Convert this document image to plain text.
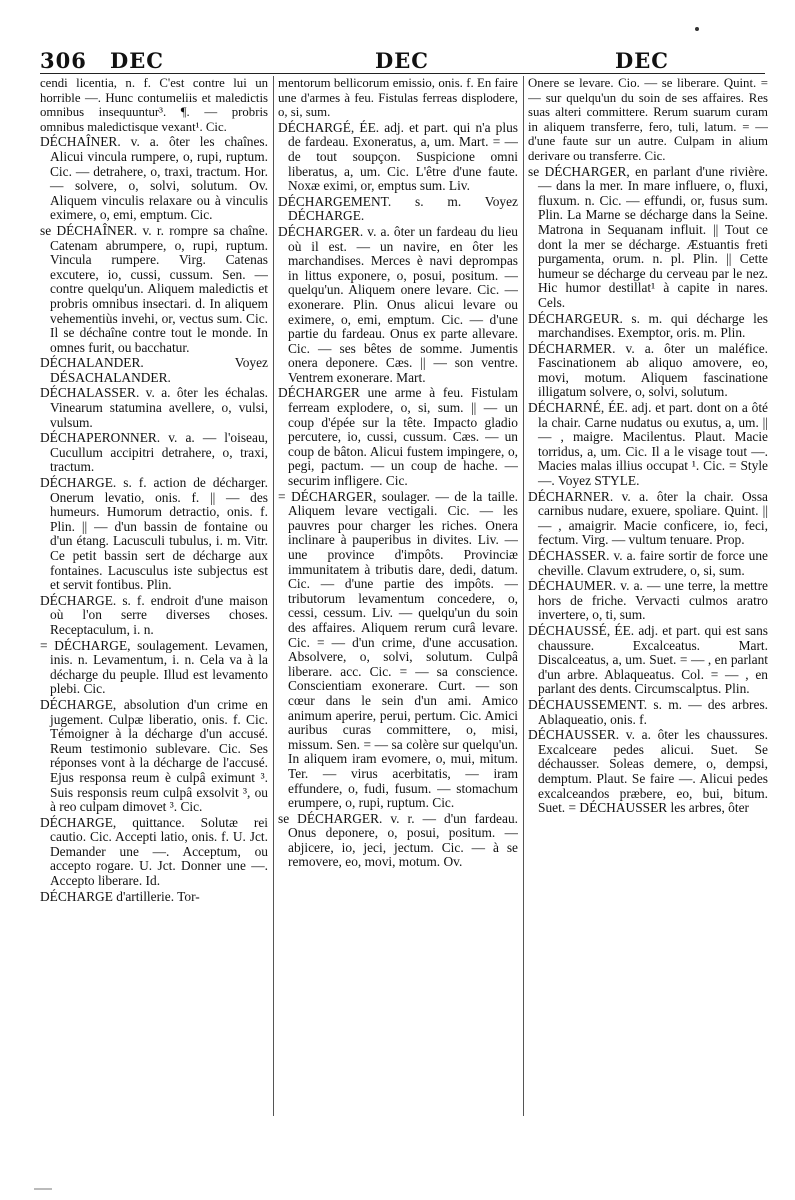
306 DEC	DEC	DEC
cendi licentia, n. f. C'est contre lui un horrible —. Hunc contumeliis et maledictis omnibus insequuntur³. ¶. — probris omnibus maledictisque vexant¹. Cic.
DÉCHAÎNER. v. a. ôter les chaînes. Alicui vincula rumpere, o, rupi, ruptum. Cic. — detrahere, o, traxi, tractum. Hor. — solvere, o, solvi, solutum. Ov. Aliquem vinculis relaxare ou à vinculis eximere, o, emi, emptum. Cic.
se DÉCHAÎNER. v. r. rompre sa chaîne. Catenam abrumpere, o, rupi, ruptum. Vincula rumpere. Virg. Catenas excutere, io, cussi, cussum. Sen. — contre quelqu'un. Aliquem maledictis et probris omnibus insectari. d. In aliquem vehementiùs invehi, or, vectus sum. Cic. Il se déchaîne contre tout le monde. In omnes furit, ou bacchatur.
DÉCHALANDER. Voyez DÉSACHALANDER.
DÉCHALASSER. v. a. ôter les échalas. Vinearum statumina avellere, o, vulsi, vulsum.
DÉCHAPERONNER. v. a. — l'oiseau, Cucullum accipitri detrahere, o, traxi, tractum.
DÉCHARGE. s. f. action de décharger. Onerum levatio, onis. f. || — des humeurs. Humorum detractio, onis. f. Plin. || — d'un bassin de fontaine ou d'un étang. Lacusculi tubulus, i. m. Vitr. Ce petit bassin sert de décharge aux fontaines. Lacusculus iste subjectus est et servit fontibus. Plin.
DÉCHARGE. s. f. endroit d'une maison où l'on serre diverses choses. Receptaculum, i. n.
= DÉCHARGE, soulagement. Levamen, inis. n. Levamentum, i. n. Cela va à la décharge du peuple. Illud est levamento plebi. Cic.
DÉCHARGE, absolution d'un crime en jugement. Culpæ liberatio, onis. f. Cic. Témoigner à la décharge d'un accusé. Reum testimonio sublevare. Cic. Ses réponses vont à la décharge de l'accusé. Ejus responsa reum è culpâ eximunt ³. Suis responsis reum culpâ exsolvit ³, ou à reo culpam dimovet ³. Cic.
DÉCHARGE, quittance. Solutæ rei cautio. Cic. Accepti latio, onis. f. U. Jct. Demander une —. Acceptum, ou accepto rogare. U. Jct. Donner une —. Accepto liberare. Id.
DÉCHARGE d'artillerie. Tor-
mentorum bellicorum emissio, onis. f. En faire une d'armes à feu. Fistulas ferreas displodere, o, si, sum.
DÉCHARGÉ, ÉE. adj. et part. qui n'a plus de fardeau. Exoneratus, a, um. Mart. = — de tout soupçon. Suspicione omni liberatus, a, um. Cic. L'être d'une faute. Noxæ eximi, or, emptus sum. Liv.
DÉCHARGEMENT. s. m. Voyez DÉCHARGE.
DÉCHARGER. v. a. ôter un fardeau du lieu où il est. — un navire, en ôter les marchandises. Merces è navi deprompas in littus exponere, o, posui, positum. — quelqu'un. Aliquem onere levare. Cic. — exonerare. Plin. Onus alicui levare ou eximere, o, emi, emptum. Cic. — d'une partie du fardeau. Onus ex parte allevare. Cic. — ses bêtes de somme. Jumentis onera deponere. Cæs. || — son ventre. Ventrem exonerare. Mart.
DÉCHARGER une arme à feu. Fistulam ferream explodere, o, si, sum. || — un coup d'épée sur la tête. Impacto gladio percutere, io, cussi, cussum. Cæs. — un coup de bâton. Alicui fustem impingere, o, pegi, pactum. — un coup de hache. — securim infligere. Cic.
= DÉCHARGER, soulager. — de la taille. Aliquem levare vectigali. Cic. — les pauvres pour charger les riches. Onera inclinare à pauperibus in divites. Liv. — une province d'impôts. Provinciæ immunitatem à tributis dare, dedi, datum. Cic. — d'une partie des impôts. — tributorum levamentum concedere, o, cessi, cessum. Liv. — quelqu'un du soin des affaires. Aliquem rerum curâ levare. Cic. = — d'un crime, d'une accusation. Absolvere, o, solvi, solutum. Culpâ liberare. acc. Cic. = — sa conscience. Conscientiam exonerare. Curt. — son cœur dans le sein d'un ami. Amico animum aperire, perui, pertum. Cic. Amici auribus curas committere, o, misi, missum. Sen. = — sa colère sur quelqu'un. In aliquem iram evomere, o, mui, mitum. Ter. — virus acerbitatis, — iram effundere, o, fudi, fusum. — stomachum erumpere, o, rupi, ruptum. Cic.
se DÉCHARGER. v. r. — d'un fardeau. Onus deponere, o, posui, positum. — abjicere, io, jeci, jectum. Cic. — à se removere, eo, movi, motum. Ov.
Onere se levare. Cio. — se liberare. Quint. = — sur quelqu'un du soin de ses affaires. Res suas alteri committere. Rerum suarum curam in aliquem transferre, fero, tuli, latum. = — d'une faute sur un autre. Culpam in alium derivare ou transferre. Cic.
se DÉCHARGER, en parlant d'une rivière. — dans la mer. In mare influere, o, fluxi, fluxum. n. Cic. — effundi, or, fusus sum. Plin. La Marne se décharge dans la Seine. Matrona in Sequanam influit. || Tout ce dont la mer se décharge. Æstuantis freti purgamenta, orum. n. pl. Plin. || Cette humeur se décharge du cerveau par le nez. Hic humor destillat¹ à capite in nares. Cels.
DÉCHARGEUR. s. m. qui décharge les marchandises. Exemptor, oris. m. Plin.
DÉCHARMER. v. a. ôter un maléfice. Fascinationem ab aliquo amovere, eo, movi, motum. Aliquem fascinatione illigatum solvere, o, solvi, solutum.
DÉCHARNÉ, ÉE. adj. et part. dont on a ôté la chair. Carne nudatus ou exutus, a, um. || — , maigre. Macilentus. Plaut. Macie torridus, a, um. Cic. Il a le visage tout —. Macies malas illius occupat ¹. Cic. = Style —. Voyez STYLE.
DÉCHARNER. v. a. ôter la chair. Ossa carnibus nudare, exuere, spoliare. Quint. || — , amaigrir. Macie conficere, io, feci, fectum. Virg. — vultum tenuare. Prop.
DÉCHASSER. v. a. faire sortir de force une cheville. Clavum extrudere, o, si, sum.
DÉCHAUMER. v. a. — une terre, la mettre hors de friche. Vervacti culmos aratro invertere, o, ti, sum.
DÉCHAUSSÉ, ÉE. adj. et part. qui est sans chaussure. Excalceatus. Mart. Discalceatus, a, um. Suet. = — , en parlant d'un arbre. Ablaqueatus. Col. = — , en parlant des dents. Circumscalptus. Plin.
DÉCHAUSSEMENT. s. m. — des arbres. Ablaqueatio, onis. f.
DÉCHAUSSER. v. a. ôter les chaussures. Excalceare pedes alicui. Suet. Se déchausser. Soleas demere, o, dempsi, demptum. Plaut. Se faire —. Alicui pedes excalceandos præbere, eo, bui, bitum. Suet. = DÉCHAUSSER les arbres, ôter
